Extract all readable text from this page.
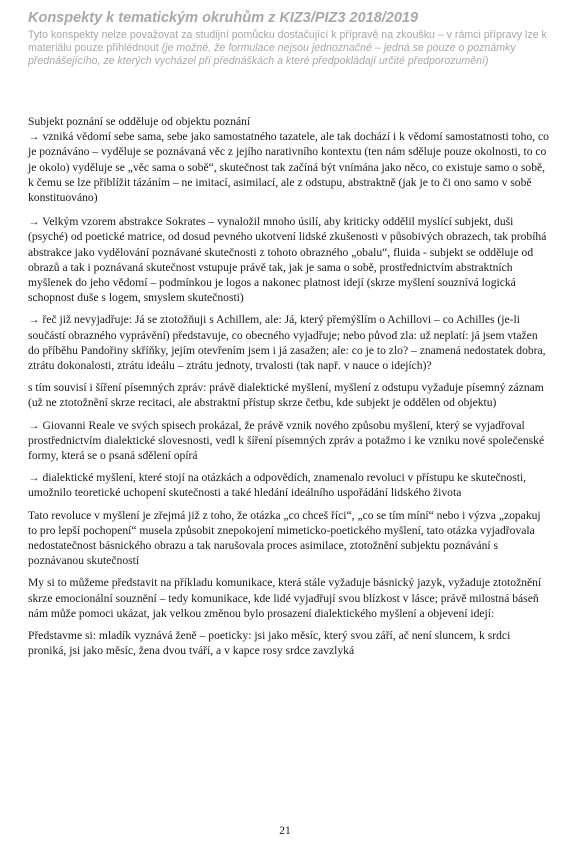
Konspekty k tematickým okruhům z KIZ3/PIZ3 2018/2019
Tyto konspekty nelze považovat za studijní pomůcku dostačující k přípravě na zkoušku – v rámci přípravy lze k materiálu pouze přihlédnout (je možné, že formulace nejsou jednoznačné – jedná se pouze o poznámky přednášejícího, ze kterých vycházel při přednáškách a které předpokládají určité předporozumění)

Subjekt poznání se odděluje od objektu poznání
→ vzniká vědomí sebe sama, sebe jako samostatného tazatele, ale tak dochází i k vědomí samostatnosti toho, co je poznáváno – vyděluje se poznávaná věc z jejího narativního kontextu (ten nám sděluje pouze okolnosti, to co je okolo) vyděluje se „věc sama o sobě“, skutečnost tak začíná být vnímána jako něco, co existuje samo o sobě, k čemu se lze přiblížit tázáním – ne imitací, asimilací, ale z odstupu, abstraktně (jak je to či ono samo v sobě konstituováno)

→ Velkým vzorem abstrakce Sokrates – vynaložil mnoho úsilí, aby kriticky oddělil myslící subjekt, duši (psyché) od poetické matrice, od dosud pevného ukotvení lidské zkušenosti v působivých obrazech, tak probíhá abstrakce jako vydělování poznávané skutečnosti z tohoto obrazného „obalu“, fluida - subjekt se odděluje od obrazů a tak i poznávaná skutečnost vstupuje právě tak, jak je sama o sobě, prostřednictvím abstraktních myšlenek do jeho vědomí – podmínkou je logos a nakonec platnost idejí (skrze myšlení souznívá logická schopnost duše s logem, smyslem skutečnosti)

→ řeč již nevyjadřuje: Já se ztotožňuji s Achillem, ale: Já, který přemýšlím o Achillovi – co Achilles (je-li součástí obrazného vyprávění) představuje, co obecného vyjadřuje; nebo původ zla: už neplatí: já jsem vtažen do příběhu Pandořiny skříňky, jejím otevřením jsem i já zasažen; ale: co je to zlo? – znamená nedostatek dobra, ztrátu dokonalosti, ztrátu ideálu – ztrátu jednoty, trvalosti (tak např. v nauce o idejích)?

s tím souvisí i šíření písemných zpráv: právě dialektické myšlení, myšlení z odstupu vyžaduje písemný záznam (už ne ztotožnění skrze recitaci, ale abstraktní přístup skrze četbu, kde subjekt je oddělen od objektu)

→ Giovanni Reale ve svých spisech prokázal, že právě vznik nového způsobu myšlení, který se vyjadřoval prostřednictvím dialektické slovesnosti, vedl k šíření písemných zpráv a potažmo i ke vzniku nové společenské formy, která se o psaná sdělení opírá

→ dialektické myšlení, které stojí na otázkách a odpovědích, znamenalo revoluci v přístupu ke skutečnosti, umožnilo teoretické uchopení skutečnosti a také hledání ideálního uspořádání lidského života

Tato revoluce v myšlení je zřejmá již z toho, že otázka „co chceš říci“, „co se tím míní“ nebo i výzva „zopakuj to pro lepší pochopení“ musela způsobit znepokojení mimeticko-poetického myšlení, tato otázka vyjadřovala nedostatečnost básnického obrazu a tak narušovala proces asimilace, ztotožnění subjektu poznávání s poznávanou skutečností

My si to můžeme představit na příkladu komunikace, která stále vyžaduje básnický jazyk, vyžaduje ztotožnění skrze emocionální souznění – tedy komunikace, kde lidé vyjadřují svou blízkost v lásce; právě milostná báseň nám může pomoci ukázat, jak velkou změnou bylo prosazení dialektického myšlení a objevení idejí:

Představme si: mladík vyznává ženě – poeticky: jsi jako měsíc, který svou září, ač není sluncem, k srdci proniká, jsi jako měsíc, žena dvou tváří, a v kapce rosy srdce zavzlyká

21
